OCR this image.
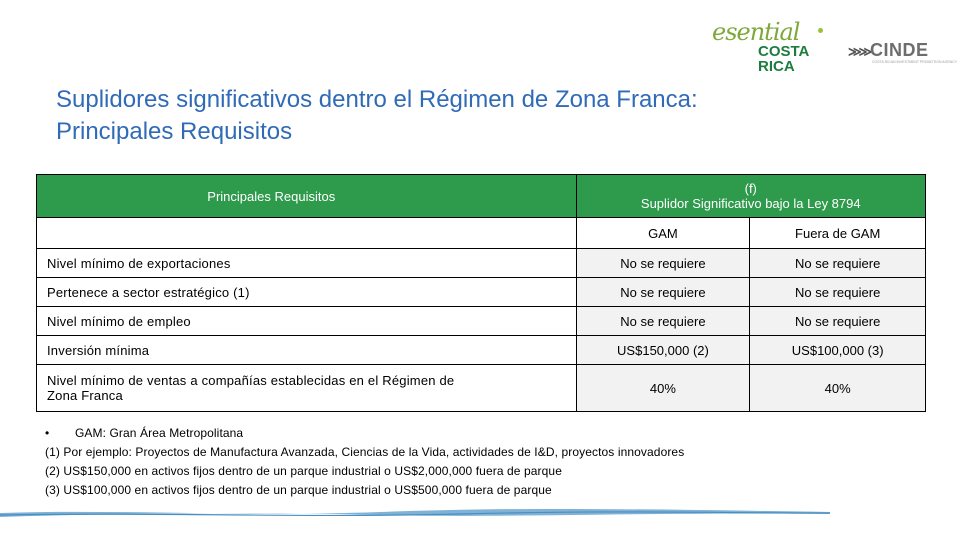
esential
COSTA
RICA
≫≫ CINDE
COSTA RICAN INVESTMENT PROMOTION AGENCY
Suplidores significativos dentro el Régimen de Zona Franca:
Principales Requisitos
Principales Requisitos	(f)
Suplidor Significativo bajo la Ley 8794	

	GAM	Fuera de GAM
Nivel mínimo de exportaciones	No se requiere	No se requiere
Pertenece a sector estratégico (1)	No se requiere	No se requiere
Nivel mínimo de empleo	No se requiere	No se requiere
Inversión mínima	US$150,000 (2)	US$100,000 (3)

Nivel mínimo de ventas a compañías establecidas en el Régimen de
Zona Franca	40%	40%
• GAM: Gran Área Metropolitana
(1) Por ejemplo: Proyectos de Manufactura Avanzada, Ciencias de la Vida, actividades de I&D, proyectos innovadores
(2) US$150,000 en activos fijos dentro de un parque industrial o US$2,000,000 fuera de parque
(3) US$100,000 en activos fijos dentro de un parque industrial o US$500,000 fuera de parque
